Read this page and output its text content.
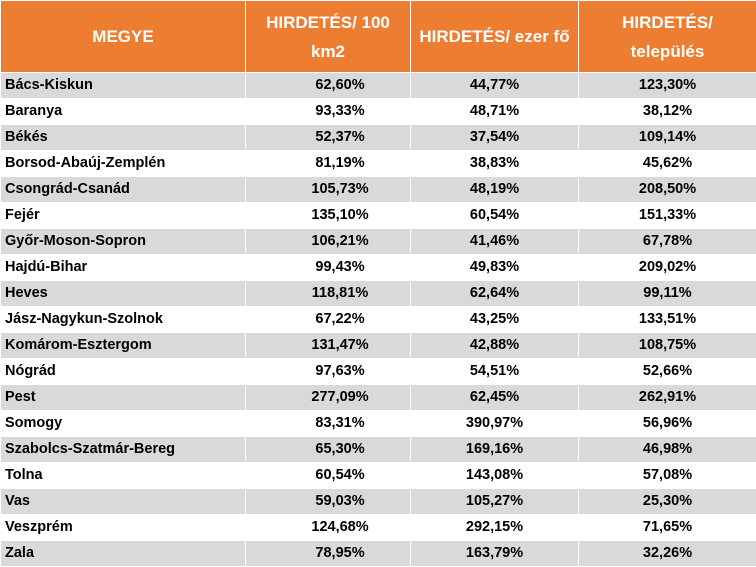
MEGYE	HIRDETÉS/ 100 km2	HIRDETÉS/ ezer fő	HIRDETÉS/ település
Bács-Kiskun	62,60%	44,77%	123,30%
Baranya	93,33%	48,71%	38,12%
Békés	52,37%	37,54%	109,14%
Borsod-Abaúj-Zemplén	81,19%	38,83%	45,62%
Csongrád-Csanád	105,73%	48,19%	208,50%
Fejér	135,10%	60,54%	151,33%
Győr-Moson-Sopron	106,21%	41,46%	67,78%
Hajdú-Bihar	99,43%	49,83%	209,02%
Heves	118,81%	62,64%	99,11%
Jász-Nagykun-Szolnok	67,22%	43,25%	133,51%
Komárom-Esztergom	131,47%	42,88%	108,75%
Nógrád	97,63%	54,51%	52,66%
Pest	277,09%	62,45%	262,91%
Somogy	83,31%	390,97%	56,96%
Szabolcs-Szatmár-Bereg	65,30%	169,16%	46,98%
Tolna	60,54%	143,08%	57,08%
Vas	59,03%	105,27%	25,30%
Veszprém	124,68%	292,15%	71,65%
Zala	78,95%	163,79%	32,26%
